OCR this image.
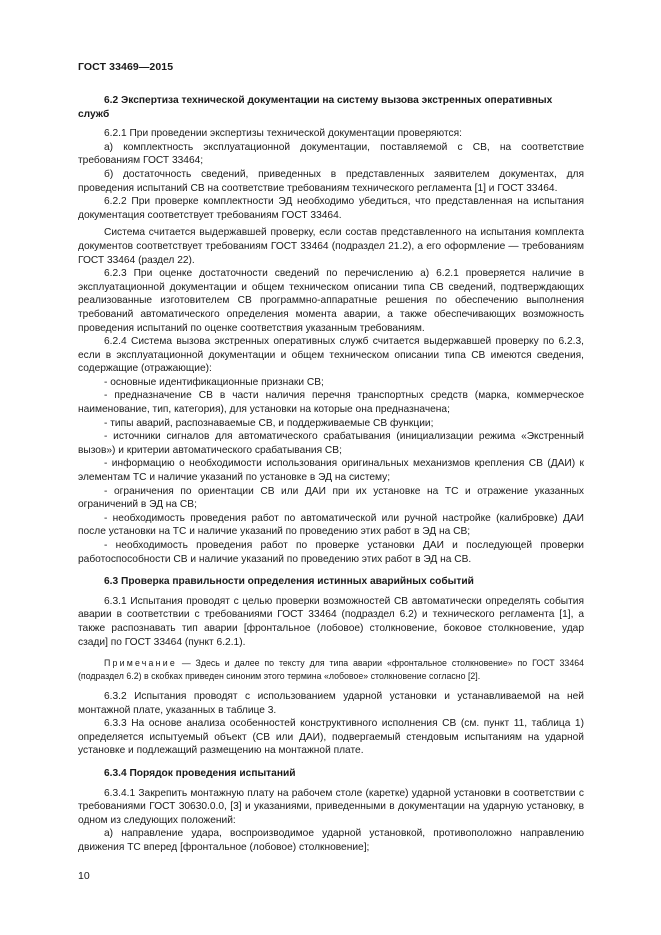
ГОСТ 33469—2015
6.2 Экспертиза технической документации на систему вызова экстренных оперативных служб
6.2.1 При проведении экспертизы технической документации проверяются:
а) комплектность эксплуатационной документации, поставляемой с СВ, на соответствие требованиям ГОСТ 33464;
б) достаточность сведений, приведенных в представленных заявителем документах, для проведения испытаний СВ на соответствие требованиям технического регламента [1] и ГОСТ 33464.
6.2.2 При проверке комплектности ЭД необходимо убедиться, что представленная на испытания документация соответствует требованиям ГОСТ 33464.
Система считается выдержавшей проверку, если состав представленного на испытания комплекта документов соответствует требованиям ГОСТ 33464 (подраздел 21.2), а его оформление — требованиям ГОСТ 33464 (раздел 22).
6.2.3 При оценке достаточности сведений по перечислению а) 6.2.1 проверяется наличие в эксплуатационной документации и общем техническом описании типа СВ сведений, подтверждающих реализованные изготовителем СВ программно-аппаратные решения по обеспечению выполнения требований автоматического определения момента аварии, а также обеспечивающих возможность проведения испытаний по оценке соответствия указанным требованиям.
6.2.4 Система вызова экстренных оперативных служб считается выдержавшей проверку по 6.2.3, если в эксплуатационной документации и общем техническом описании типа СВ имеются сведения, содержащие (отражающие):
- основные идентификационные признаки СВ;
- предназначение СВ в части наличия перечня транспортных средств (марка, коммерческое наименование, тип, категория), для установки на которые она предназначена;
- типы аварий, распознаваемые СВ, и поддерживаемые СВ функции;
- источники сигналов для автоматического срабатывания (инициализации режима «Экстренный вызов») и критерии автоматического срабатывания СВ;
- информацию о необходимости использования оригинальных механизмов крепления СВ (ДАИ) к элементам ТС и наличие указаний по установке в ЭД на систему;
- ограничения по ориентации СВ или ДАИ при их установке на ТС и отражение указанных ограничений в ЭД на СВ;
- необходимость проведения работ по автоматической или ручной настройке (калибровке) ДАИ после установки на ТС и наличие указаний по проведению этих работ в ЭД на СВ;
- необходимость проведения работ по проверке установки ДАИ и последующей проверки работоспособности СВ и наличие указаний по проведению этих работ в ЭД на СВ.
6.3 Проверка правильности определения истинных аварийных событий
6.3.1 Испытания проводят с целью проверки возможностей СВ автоматически определять события аварии в соответствии с требованиями ГОСТ 33464 (подраздел 6.2) и технического регламента [1], а также распознавать тип аварии [фронтальное (лобовое) столкновение, боковое столкновение, удар сзади] по ГОСТ 33464 (пункт 6.2.1).
Примечание — Здесь и далее по тексту для типа аварии «фронтальное столкновение» по ГОСТ 33464 (подраздел 6.2) в скобках приведен синоним этого термина «лобовое» столкновение согласно [2].
6.3.2 Испытания проводят с использованием ударной установки и устанавливаемой на ней монтажной плате, указанных в таблице 3.
6.3.3 На основе анализа особенностей конструктивного исполнения СВ (см. пункт 11, таблица 1) определяется испытуемый объект (СВ или ДАИ), подвергаемый стендовым испытаниям на ударной установке и подлежащий размещению на монтажной плате.
6.3.4 Порядок проведения испытаний
6.3.4.1 Закрепить монтажную плату на рабочем столе (каретке) ударной установки в соответствии с требованиями ГОСТ 30630.0.0, [3] и указаниями, приведенными в документации на ударную установку, в одном из следующих положений:
а) направление удара, воспроизводимое ударной установкой, противоположно направлению движения ТС вперед [фронтальное (лобовое) столкновение];
10
